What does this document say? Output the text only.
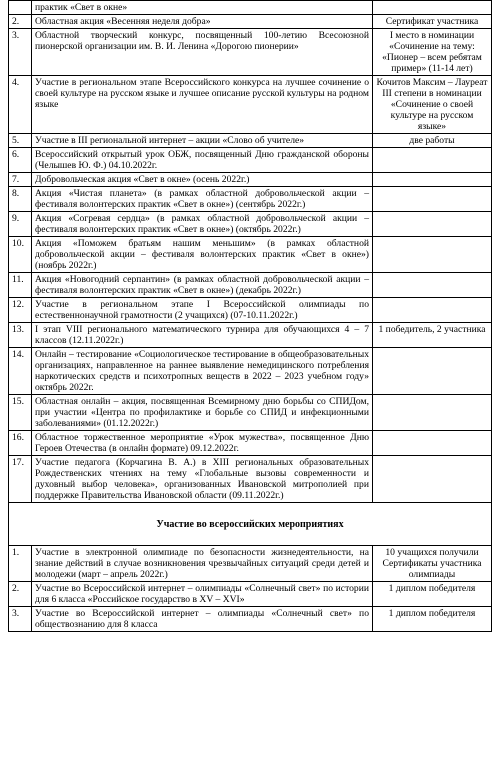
	практик «Свет в окне»	
2.	Областная акция «Весенняя неделя добра»	Сертификат участника
3.	Областной творческий конкурс, посвященный 100-летию Всесоюзной пионерской организации им. В. И. Ленина «Дорогою пионерии»	I место в номинации «Сочинение на тему: «Пионер – всем ребятам пример» (11-14 лет)
4.	Участие в региональном этапе Всероссийского конкурса на лучшее сочинение о своей культуре на русском языке и лучшее описание русской культуры на родном языке	Кочитов Максим – Лауреат III степени в номинации «Сочинение о своей культуре на русском языке»
5.	Участие в III региональной интернет – акции «Слово об учителе»	две работы
6.	Всероссийский открытый урок ОБЖ, посвященный Дню гражданской обороны (Челышев Ю. Ф.) 04.10.2022г.	
7.	Добровольческая акция «Свет в окне» (осень 2022г.)	
8.	Акция «Чистая планета» (в рамках областной добровольческой акции – фестиваля волонтерских практик «Свет в окне») (сентябрь 2022г.)	
9.	Акция «Согревая сердца» (в рамках областной добровольческой акции – фестиваля волонтерских практик «Свет в окне») (октябрь 2022г.)	
10.	Акция «Поможем братьям нашим меньшим» (в рамках областной добровольческой акции – фестиваля волонтерских практик «Свет в окне») (ноябрь 2022г.)	
11.	Акция «Новогодний серпантин» (в рамках областной добровольческой акции – фестиваля волонтерских практик «Свет в окне») (декабрь 2022г.)	
12.	Участие в региональном этапе I Всероссийской олимпиады по естественнонаучной грамотности (2 учащихся) (07-10.11.2022г.)	
13.	I этап VIII регионального математического турнира для обучающихся 4 – 7 классов (12.11.2022г.)	1 победитель, 2 участника
14.	Онлайн – тестирование «Социологическое тестирование в общеобразовательных организациях, направленное на раннее выявление немедицинского потребления наркотических средств и психотропных веществ в 2022 – 2023 учебном году» октябрь 2022г.	
15.	Областная онлайн – акция, посвященная Всемирному дню борьбы со СПИДом, при участии «Центра по профилактике и борьбе со СПИД и инфекционными заболеваниями» (01.12.2022г.)	
16.	Областное торжественное мероприятие «Урок мужества», посвященное Дню Героев Отечества (в онлайн формате) 09.12.2022г.	
17.	Участие педагога (Корчагина В. А.) в XIII региональных образовательных Рождественских чтениях на тему «Глобальные вызовы современности и духовный выбор человека», организованных Ивановской митрополией при поддержке Правительства Ивановской области (09.11.2022г.)	
Участие во всероссийских мероприятиях		
1.	Участие в электронной олимпиаде по безопасности жизнедеятельности, на знание действий в случае возникновения чрезвычайных ситуаций среди детей и молодежи (март – апрель 2022г.)	10 учащихся получили Сертификаты участника олимпиады
2.	Участие во Всероссийской интернет – олимпиады «Солнечный свет» по истории для 6 класса «Российское государство в XV – XVI»	1 диплом победителя
3.	Участие во Всероссийской интернет – олимпиады «Солнечный свет» по обществознанию для 8 класса	1 диплом победителя
